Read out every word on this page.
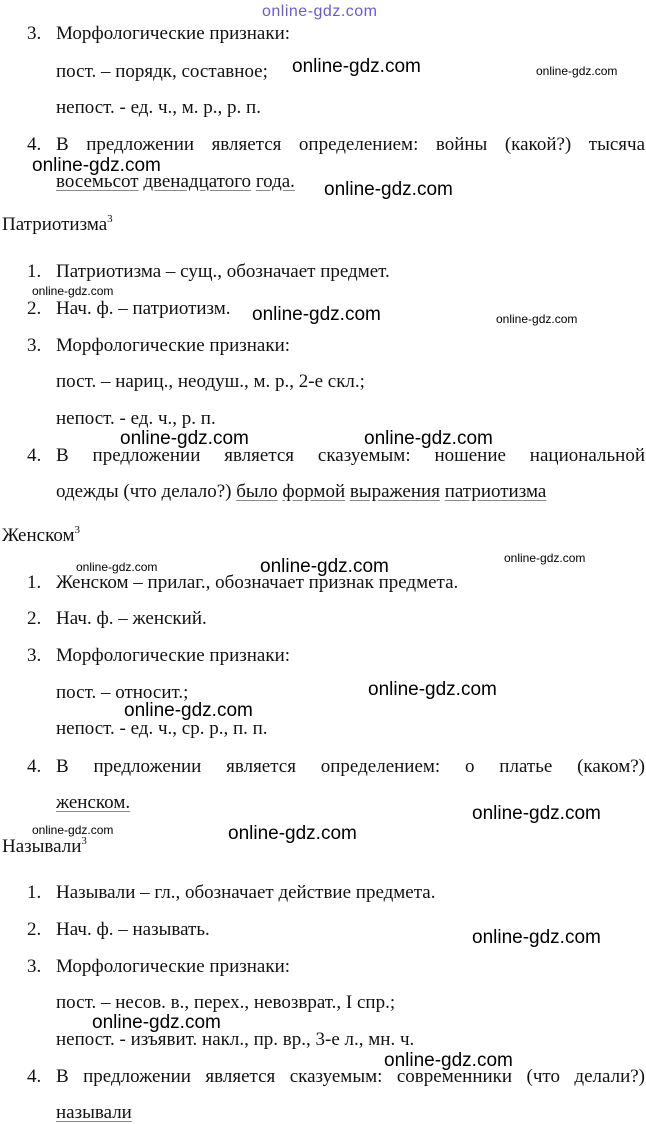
3. Морфологические признаки:
пост. – порядк, составное;
непост. - ед. ч., м. р., р. п.
4. В предложении является определением: войны (какой?) тысяча
восемьсот двенадцатого года.
Патриотизма$^3$
1. Патриотизма – сущ., обозначает предмет.
2. Нач. ф. – патриотизм.
3. Морфологические признаки:
пост. – нариц., неодуш., м. р., 2-е скл.;
непост. - ед. ч., р. п.
4. В предложении является сказуемым: ношение национальной
одежды (что делало?) было формой выражения патриотизма
Женском$^3$
1. Женском – прилаг., обозначает признак предмета.
2. Нач. ф. – женский.
3. Морфологические признаки:
пост. – относит.;
непост. - ед. ч., ср. р., п. п.
4. В предложении является определением: о платье (каком?)
женском.
Называли$^3$
1. Называли – гл., обозначает действие предмета.
2. Нач. ф. – называть.
3. Морфологические признаки:
пост. – несов. в., перех., невозврат., I спр.;
непост. - изъявит. накл., пр. вр., 3-е л., мн. ч.
4. В предложении является сказуемым: современники (что делали?)
называли
online-gdz.com
online-gdz.com	online-gdz.com
online-gdz.com
online-gdz.com
online-gdz.com
online-gdz.com	online-gdz.com
online-gdz.com	online-gdz.com
online-gdz.com
online-gdz.com
online-gdz.com
online-gdz.com
online-gdz.com
online-gdz.com
online-gdz.com	online-gdz.com
online-gdz.com
online-gdz.com
online-gdz.com
